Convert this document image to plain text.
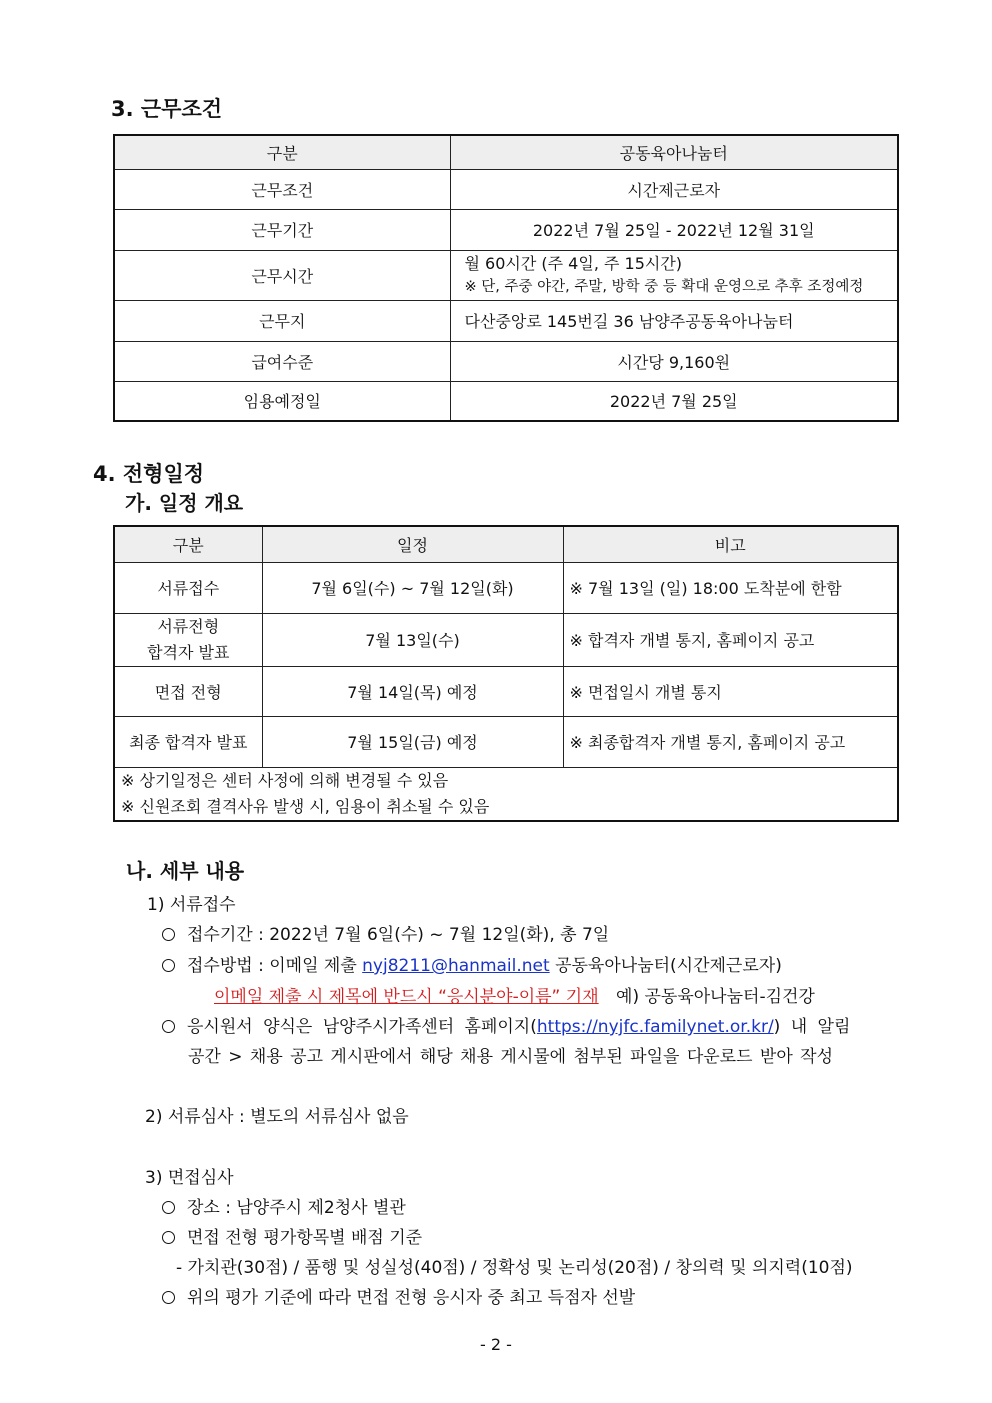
3. 근무조건
구분	공동육아나눔터
근무조건	시간제근로자
근무기간	2022년 7월 25일 - 2022년 12월 31일
근무시간	월 60시간 (주 4일, 주 15시간)
※ 단, 주중 야간, 주말, 방학 중 등 확대 운영으로 추후 조정예정

근무지	다산중앙로 145번길 36 남양주공동육아나눔터
급여수준	시간당 9,160원
임용예정일	2022년 7월 25일
4. 전형일정
가. 일정 개요
구분	일정	비고
서류접수	7월 6일(수) ~ 7월 12일(화)	※ 7월 13일 (일) 18:00 도착분에 한함

서류전형
합격자 발표	7월 13일(수)	※ 합격자 개별 통지, 홈페이지 공고
면접 전형	7월 14일(목) 예정	※ 면접일시 개별 통지
최종 합격자 발표	7월 15일(금) 예정	※ 최종합격자 개별 통지, 홈페이지 공고

※ 상기일정은 센터 사정에 의해 변경될 수 있음
※ 신원조회 결격사유 발생 시, 임용이 취소될 수 있음		
나. 세부 내용
1) 서류접수
접수기간 : 2022년 7월 6일(수) ~ 7월 12일(화), 총 7일
접수방법 : 이메일 제출 nyj8211@hanmail.net 공동육아나눔터(시간제근로자)
이메일 제출 시 제목에 반드시 “응시분야-이름” 기재 예) 공동육아나눔터-김건강
응시원서 양식은 남양주시가족센터 홈페이지(https://nyjfc.familynet.or.kr/) 내 알림
공간 > 채용 공고 게시판에서 해당 채용 게시물에 첨부된 파일을 다운로드 받아 작성
2) 서류심사 : 별도의 서류심사 없음
3) 면접심사
장소 : 남양주시 제2청사 별관
면접 전형 평가항목별 배점 기준
- 가치관(30점) / 품행 및 성실성(40점) / 정확성 및 논리성(20점) / 창의력 및 의지력(10점)
위의 평가 기준에 따라 면접 전형 응시자 중 최고 득점자 선발
- 2 -
